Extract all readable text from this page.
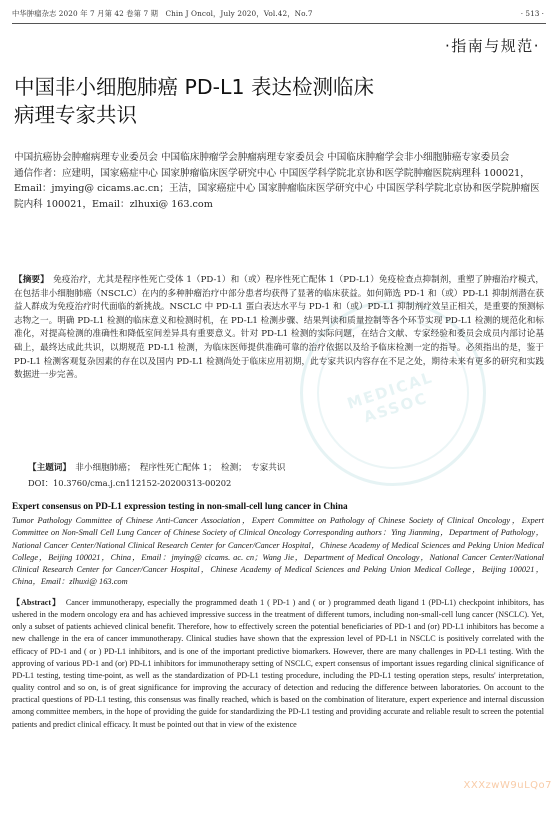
中华肿瘤杂志 2020 年 7 月第 42 卷第 7 期　Chin J Oncol，July 2020，Vol.42，No.7	· 513 ·
·指南与规范·
中国非小细胞肺癌 PD-L1 表达检测临床
病理专家共识
中国抗癌协会肿瘤病理专业委员会 中国临床肿瘤学会肿瘤病理专家委员会 中国临床肿瘤学会非小细胞肺癌专家委员会
通信作者：应建明，国家癌症中心 国家肿瘤临床医学研究中心 中国医学科学院北京协和医学院肿瘤医院病理科 100021，Email：jmying@ cicams.ac.cn；王洁，国家癌症中心 国家肿瘤临床医学研究中心 中国医学科学院北京协和医学院肿瘤医院内科 100021，Email：zlhuxi@ 163.com
MEDICAL ASSOC
【摘要】　 免疫治疗，尤其是程序性死亡受体 1（PD-1）和（或）程序性死亡配体 1（PD-L1）免疫检查点抑制剂，重塑了肿瘤治疗模式，在包括非小细胞肺癌（NSCLC）在内的多种肿瘤治疗中部分患者均获得了显著的临床获益。如何筛选 PD-1 和（或）PD-L1 抑制剂潜在获益人群成为免疫治疗时代面临的新挑战。NSCLC 中 PD-L1 蛋白表达水平与 PD-1 和（或）PD-L1 抑制剂疗效呈正相关，是重要的预测标志物之一。明确 PD-L1 检测的临床意义和检测时机，在 PD-L1 检测步骤、结果判读和质量控制等各个环节实现 PD-L1 检测的规范化和标准化，对提高检测的准确性和降低室间差异具有重要意义。针对 PD-L1 检测的实际问题，在结合文献、专家经验和委员会成员内部讨论基础上，最终达成此共识，以期规范 PD-L1 检测，为临床医师提供准确可靠的治疗依据以及给予临床检测一定的指导。必须指出的是，鉴于 PD-L1 检测客观复杂因素的存在以及国内 PD-L1 检测尚处于临床应用初期，此专家共识内容存在不足之处，期待未来有更多的研究和实践数据进一步完善。
【主题词】　 非小细胞肺癌；　程序性死亡配体 1；　检测；　专家共识
DOI：10.3760/cma.j.cn112152-20200313-00202
Expert consensus on PD-L1 expression testing in non-small-cell lung cancer in China
Tumor Pathology Committee of Chinese Anti-Cancer Association，Expert Committee on Pathology of Chinese Society of Clinical Oncology，Expert Committee on Non-Small Cell Lung Cancer of Chinese Society of Clinical Oncology Corresponding authors：Ying Jianming，Department of Pathology，National Cancer Center/National Clinical Research Center for Cancer/Cancer Hospital，Chinese Academy of Medical Sciences and Peking Union Medical College，Beijing 100021，China，Email：jmying@ cicams. ac. cn；Wang Jie，Department of Medical Oncology，National Cancer Center/National Clinical Research Center for Cancer/Cancer Hospital，Chinese Academy of Medical Sciences and Peking Union Medical College，Beijing 100021，China，Email：zlhuxi@ 163.com
【Abstract】　 Cancer immunotherapy, especially the programmed death 1 ( PD-1 ) and ( or ) programmed death ligand 1 (PD-L1) checkpoint inhibitors, has ushered in the modern oncology era and has achieved impressive success in the treatment of different tumors, including non-small-cell lung cancer (NSCLC). Yet, only a subset of patients achieved clinical benefit. Therefore, how to effectively screen the potential beneficiaries of PD-1 and (or) PD-L1 inhibitors has become a new challenge in the era of cancer immunotherapy. Clinical studies have shown that the expression level of PD-L1 in NSCLC is positively correlated with the efficacy of PD-1 and ( or ) PD-L1 inhibitors, and is one of the important predictive biomarkers. However, there are many challenges in PD-L1 testing. With the approving of various PD-1 and (or) PD-L1 inhibitors for immunotherapy setting of NSCLC, expert consensus of important issues regarding clinical significance of PD-L1 testing, testing time-point, as well as the standardization of PD-L1 testing procedure, including the PD-L1 testing operation steps, results' interpretation, quality control and so on, is of great significance for improving the accuracy of detection and reducing the difference between laboratories. On account to the practical questions of PD-L1 testing, this consensus was finally reached, which is based on the combination of literature, expert experience and internal discussion among committee members, in the hope of providing the guide for standardizing the PD-L1 testing and providing accurate and reliable result to screen the potential patients and predict clinical efficacy. It must be pointed out that in view of the existence
XXXzwW9uLQo7
